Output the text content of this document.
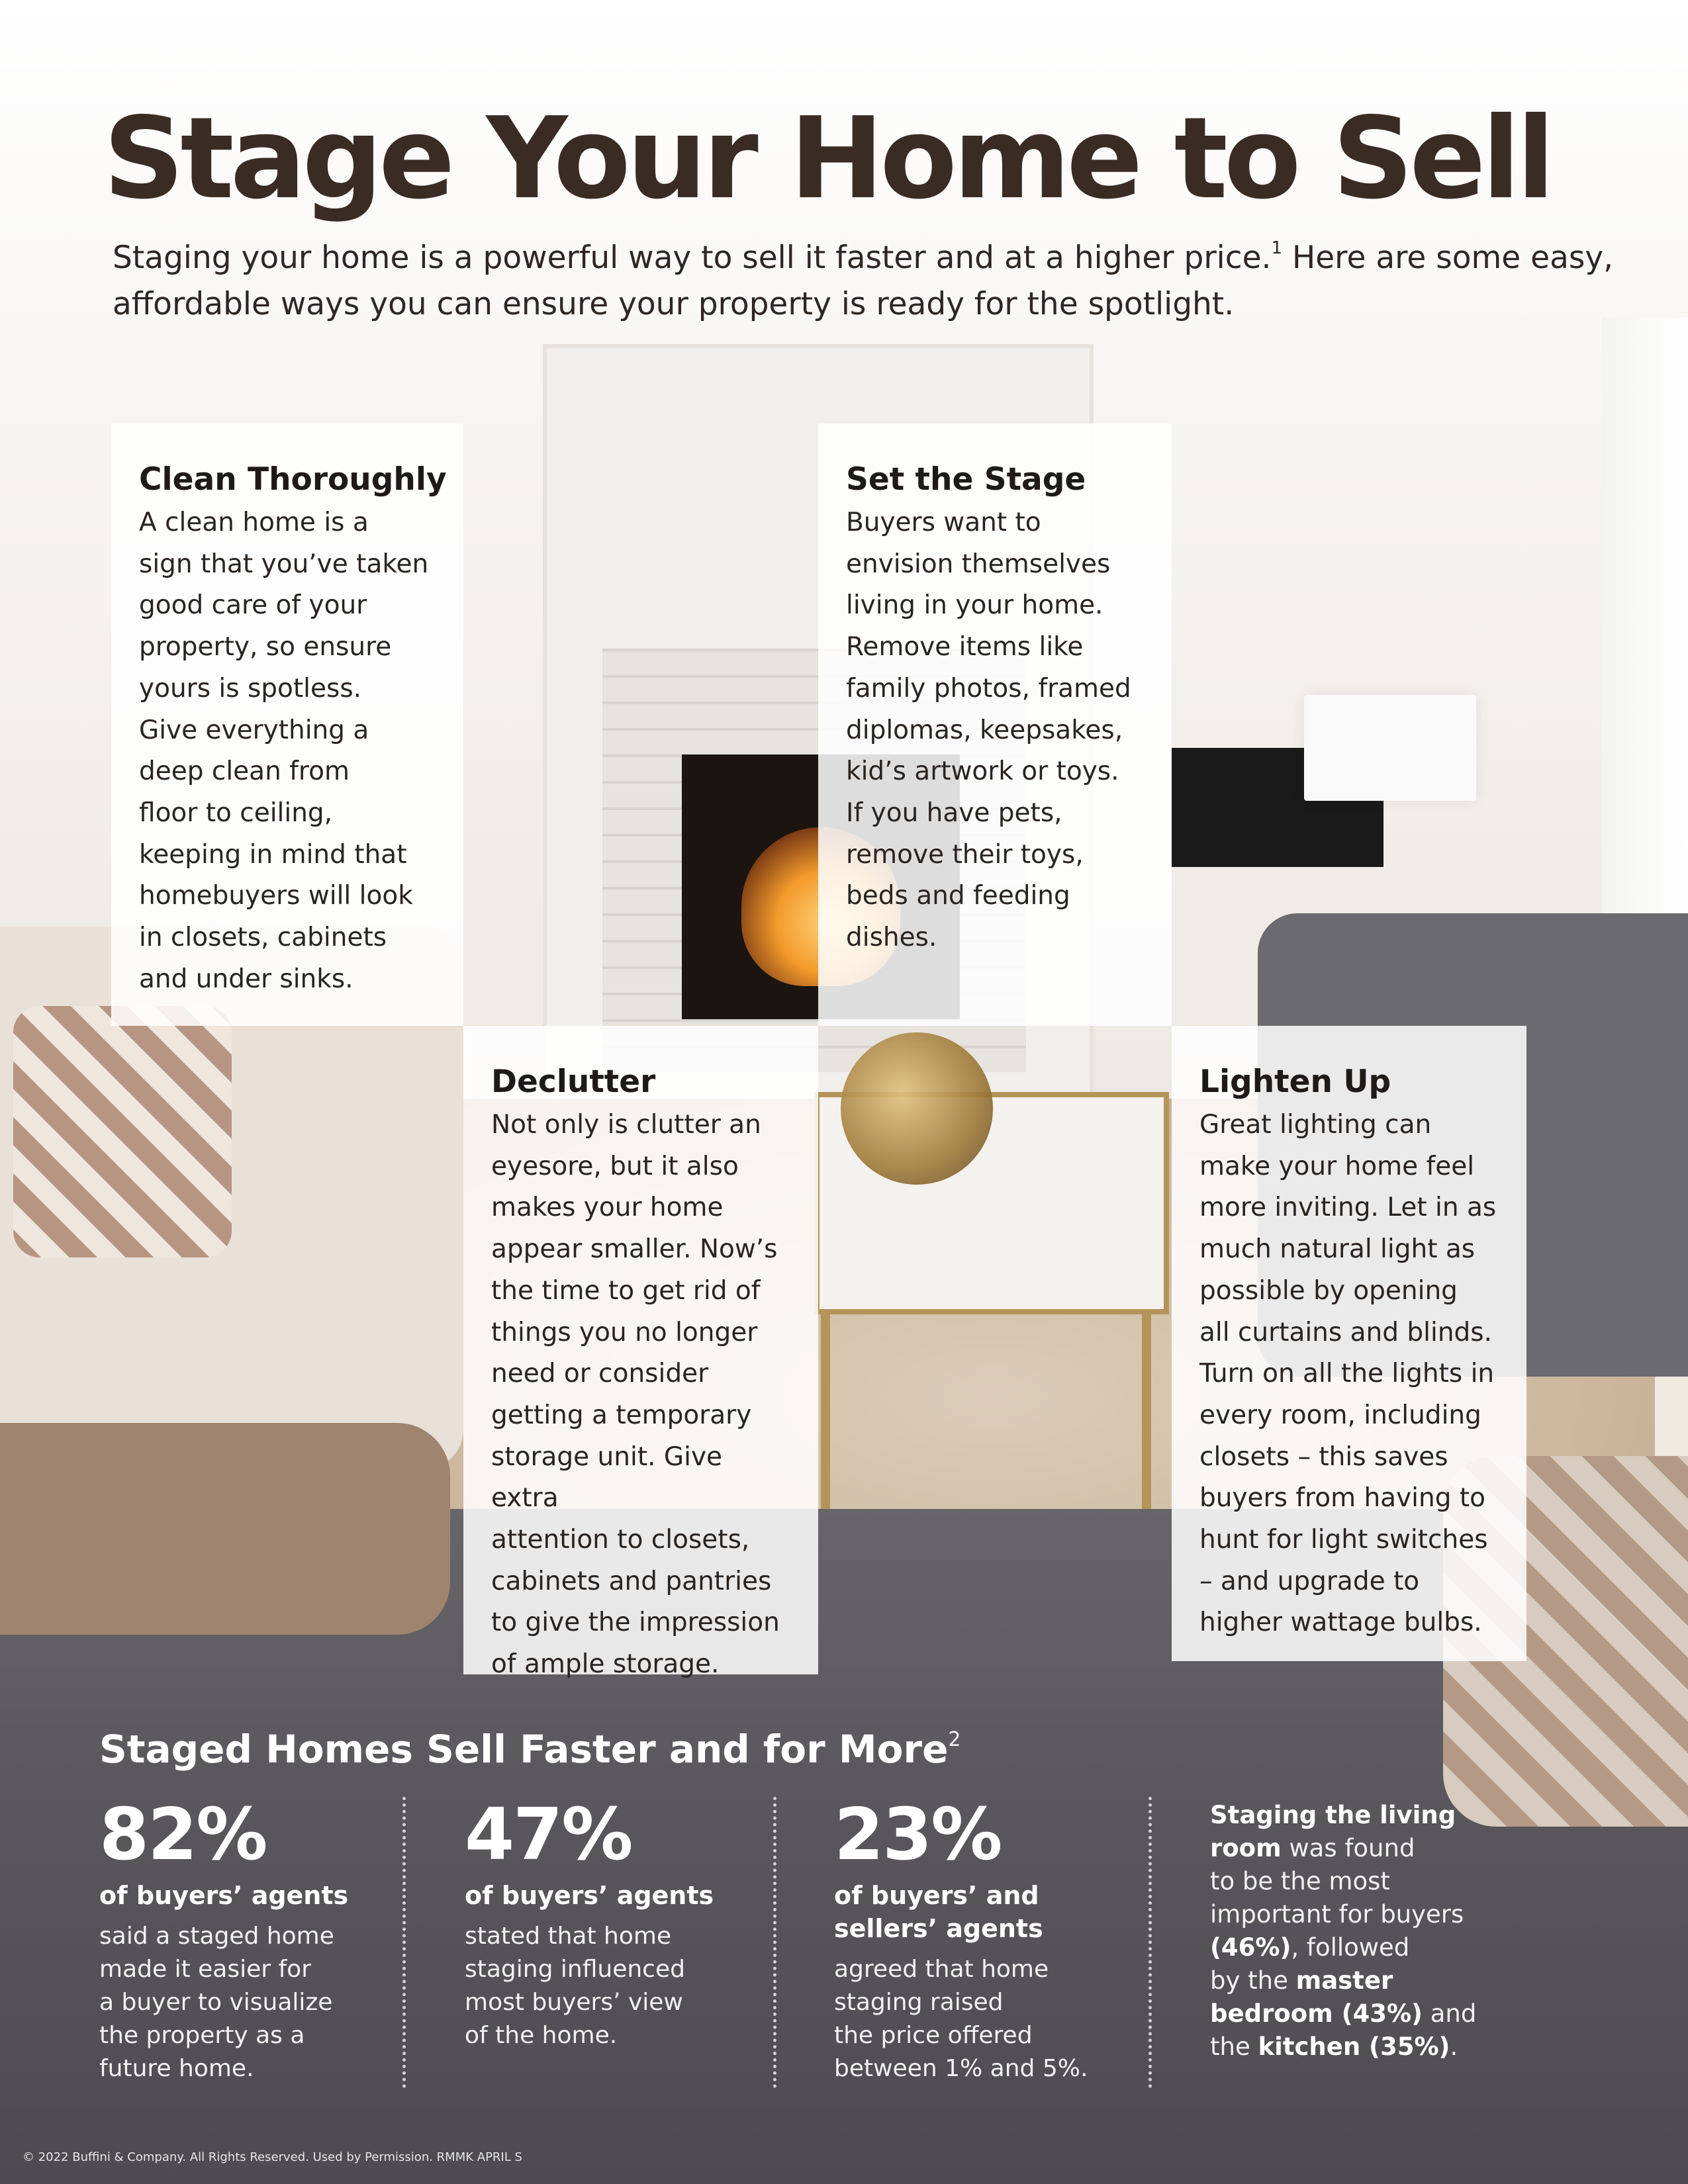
Stage Your Home to Sell

Staging your home is a powerful way to sell it faster and at a higher price.$^1$ Here are some easy, affordable ways you can ensure your property is ready for the spotlight.

Clean Thoroughly

A clean home is a
sign that you’ve taken
good care of your
property, so ensure
yours is spotless.
Give everything a
deep clean from
floor to ceiling,
keeping in mind that
homebuyers will look
in closets, cabinets
and under sinks.

Set the Stage

Buyers want to
envision themselves
living in your home.
Remove items like
family photos, framed
diplomas, keepsakes,
kid’s artwork or toys.
If you have pets,
remove their toys,
beds and feeding
dishes.

Declutter

Not only is clutter an
eyesore, but it also
makes your home
appear smaller. Now’s
the time to get rid of
things you no longer
need or consider
getting a temporary
storage unit. Give extra
attention to closets,
cabinets and pantries
to give the impression
of ample storage.

Lighten Up

Great lighting can
make your home feel
more inviting. Let in as
much natural light as
possible by opening
all curtains and blinds.
Turn on all the lights in
every room, including
closets – this saves
buyers from having to
hunt for light switches
– and upgrade to
higher wattage bulbs.

Staged Homes Sell Faster and for More$^2$
82%
of buyers’ agents
said a staged home
made it easier for
a buyer to visualize
the property as a
future home.
47%
of buyers’ agents
stated that home
staging influenced
most buyers’ view
of the home.
23%
of buyers’ and
sellers’ agents
agreed that home
staging raised
the price offered
between 1% and 5%.
Staging the living
room was found
to be the most
important for buyers
(46%), followed
by the master
bedroom (43%) and
the kitchen (35%).
© 2022 Buffini & Company. All Rights Reserved. Used by Permission. RMMK APRIL S
